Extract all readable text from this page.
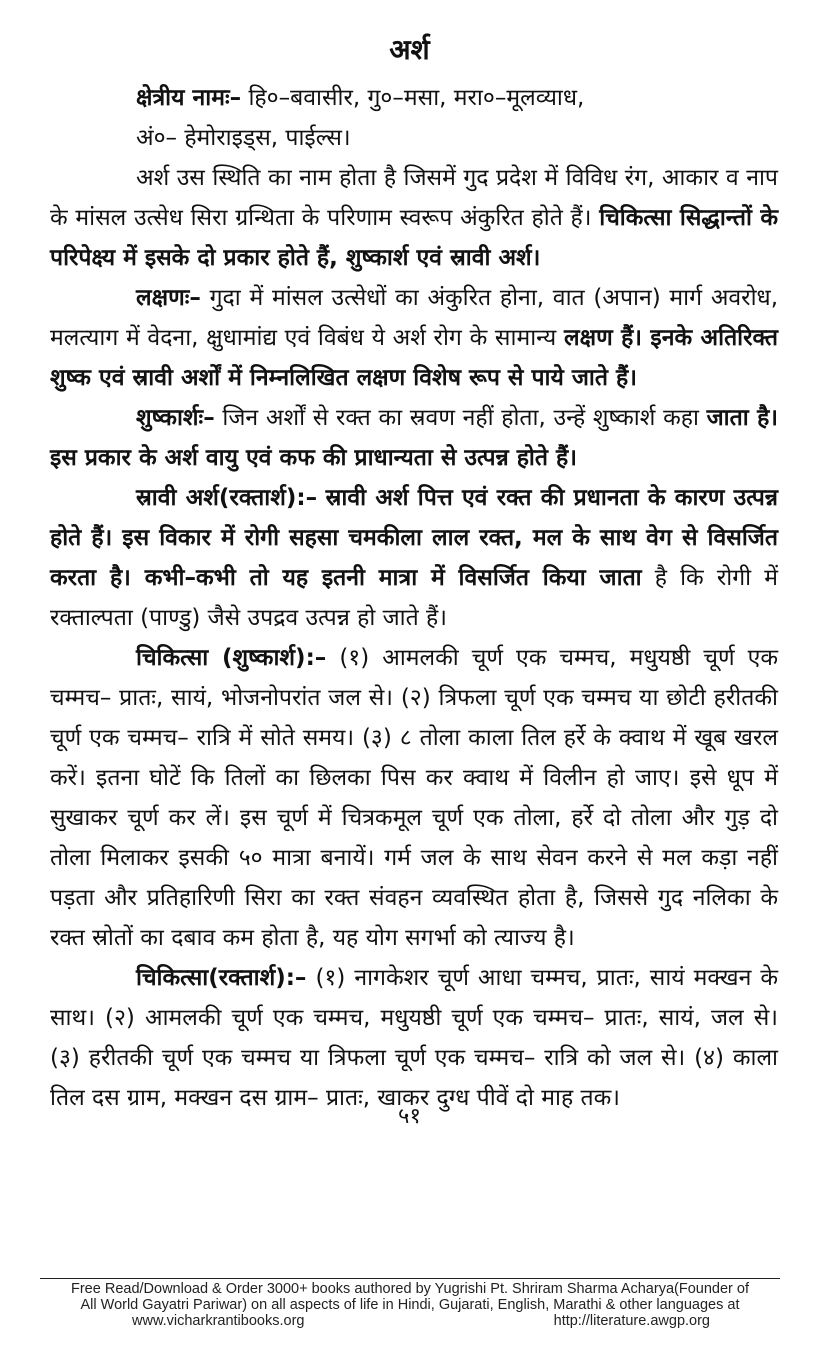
अर्श

क्षेत्रीय नामः– हि०–बवासीर, गु०–मसा, मरा०–मूलव्याध,
अं०– हेमोराइड्स, पाईल्स।

अर्श उस स्थिति का नाम होता है जिसमें गुद प्रदेश में विविध रंग, आकार व नाप के मांसल उत्सेध सिरा ग्रन्थिता के परिणाम स्वरूप अंकुरित होते हैं। चिकित्सा सिद्धान्तों के परिपेक्ष्य में इसके दो प्रकार होते हैं, शुष्कार्श एवं स्रावी अर्श।

लक्षणः– गुदा में मांसल उत्सेधों का अंकुरित होना, वात (अपान) मार्ग अवरोध, मलत्याग में वेदना, क्षुधामांद्य एवं विबंध ये अर्श रोग के सामान्य लक्षण हैं। इनके अतिरिक्त शुष्क एवं स्रावी अर्शों में निम्नलिखित लक्षण विशेष रूप से पाये जाते हैं।

शुष्कार्शः– जिन अर्शों से रक्त का स्रवण नहीं होता, उन्हें शुष्कार्श कहा जाता है। इस प्रकार के अर्श वायु एवं कफ की प्राधान्यता से उत्पन्न होते हैं।

स्रावी अर्श(रक्तार्श):– स्रावी अर्श पित्त एवं रक्त की प्रधानता के कारण उत्पन्न होते हैं। इस विकार में रोगी सहसा चमकीला लाल रक्त, मल के साथ वेग से विसर्जित करता है। कभी–कभी तो यह इतनी मात्रा में विसर्जित किया जाता है कि रोगी में रक्ताल्पता (पाण्डु) जैसे उपद्रव उत्पन्न हो जाते हैं।

चिकित्सा (शुष्कार्श):– (१) आमलकी चूर्ण एक चम्मच, मधुयष्ठी चूर्ण एक चम्मच– प्रातः, सायं, भोजनोपरांत जल से। (२) त्रिफला चूर्ण एक चम्मच या छोटी हरीतकी चूर्ण एक चम्मच– रात्रि में सोते समय। (३) ८ तोला काला तिल हर्रे के क्वाथ में खूब खरल करें। इतना घोटें कि तिलों का छिलका पिस कर क्वाथ में विलीन हो जाए। इसे धूप में सुखाकर चूर्ण कर लें। इस चूर्ण में चित्रकमूल चूर्ण एक तोला, हर्रे दो तोला और गुड़ दो तोला मिलाकर इसकी ५० मात्रा बनायें। गर्म जल के साथ सेवन करने से मल कड़ा नहीं पड़ता और प्रतिहारिणी सिरा का रक्त संवहन व्यवस्थित होता है, जिससे गुद नलिका के रक्त स्रोतों का दबाव कम होता है, यह योग सगर्भा को त्याज्य है।

चिकित्सा(रक्तार्श):– (१) नागकेशर चूर्ण आधा चम्मच, प्रातः, सायं मक्खन के साथ। (२) आमलकी चूर्ण एक चम्मच, मधुयष्ठी चूर्ण एक चम्मच– प्रातः, सायं, जल से। (३) हरीतकी चूर्ण एक चम्मच या त्रिफला चूर्ण एक चम्मच– रात्रि को जल से। (४) काला तिल दस ग्राम, मक्खन दस ग्राम– प्रातः, खाकर दुग्ध पीवें दो माह तक।

५१
Free Read/Download & Order 3000+ books authored by Yugrishi Pt. Shriram Sharma Acharya(Founder of
All World Gayatri Pariwar) on all aspects of life in Hindi, Gujarati, English, Marathi & other languages at
www.vicharkrantibooks.org	http://literature.awgp.org
